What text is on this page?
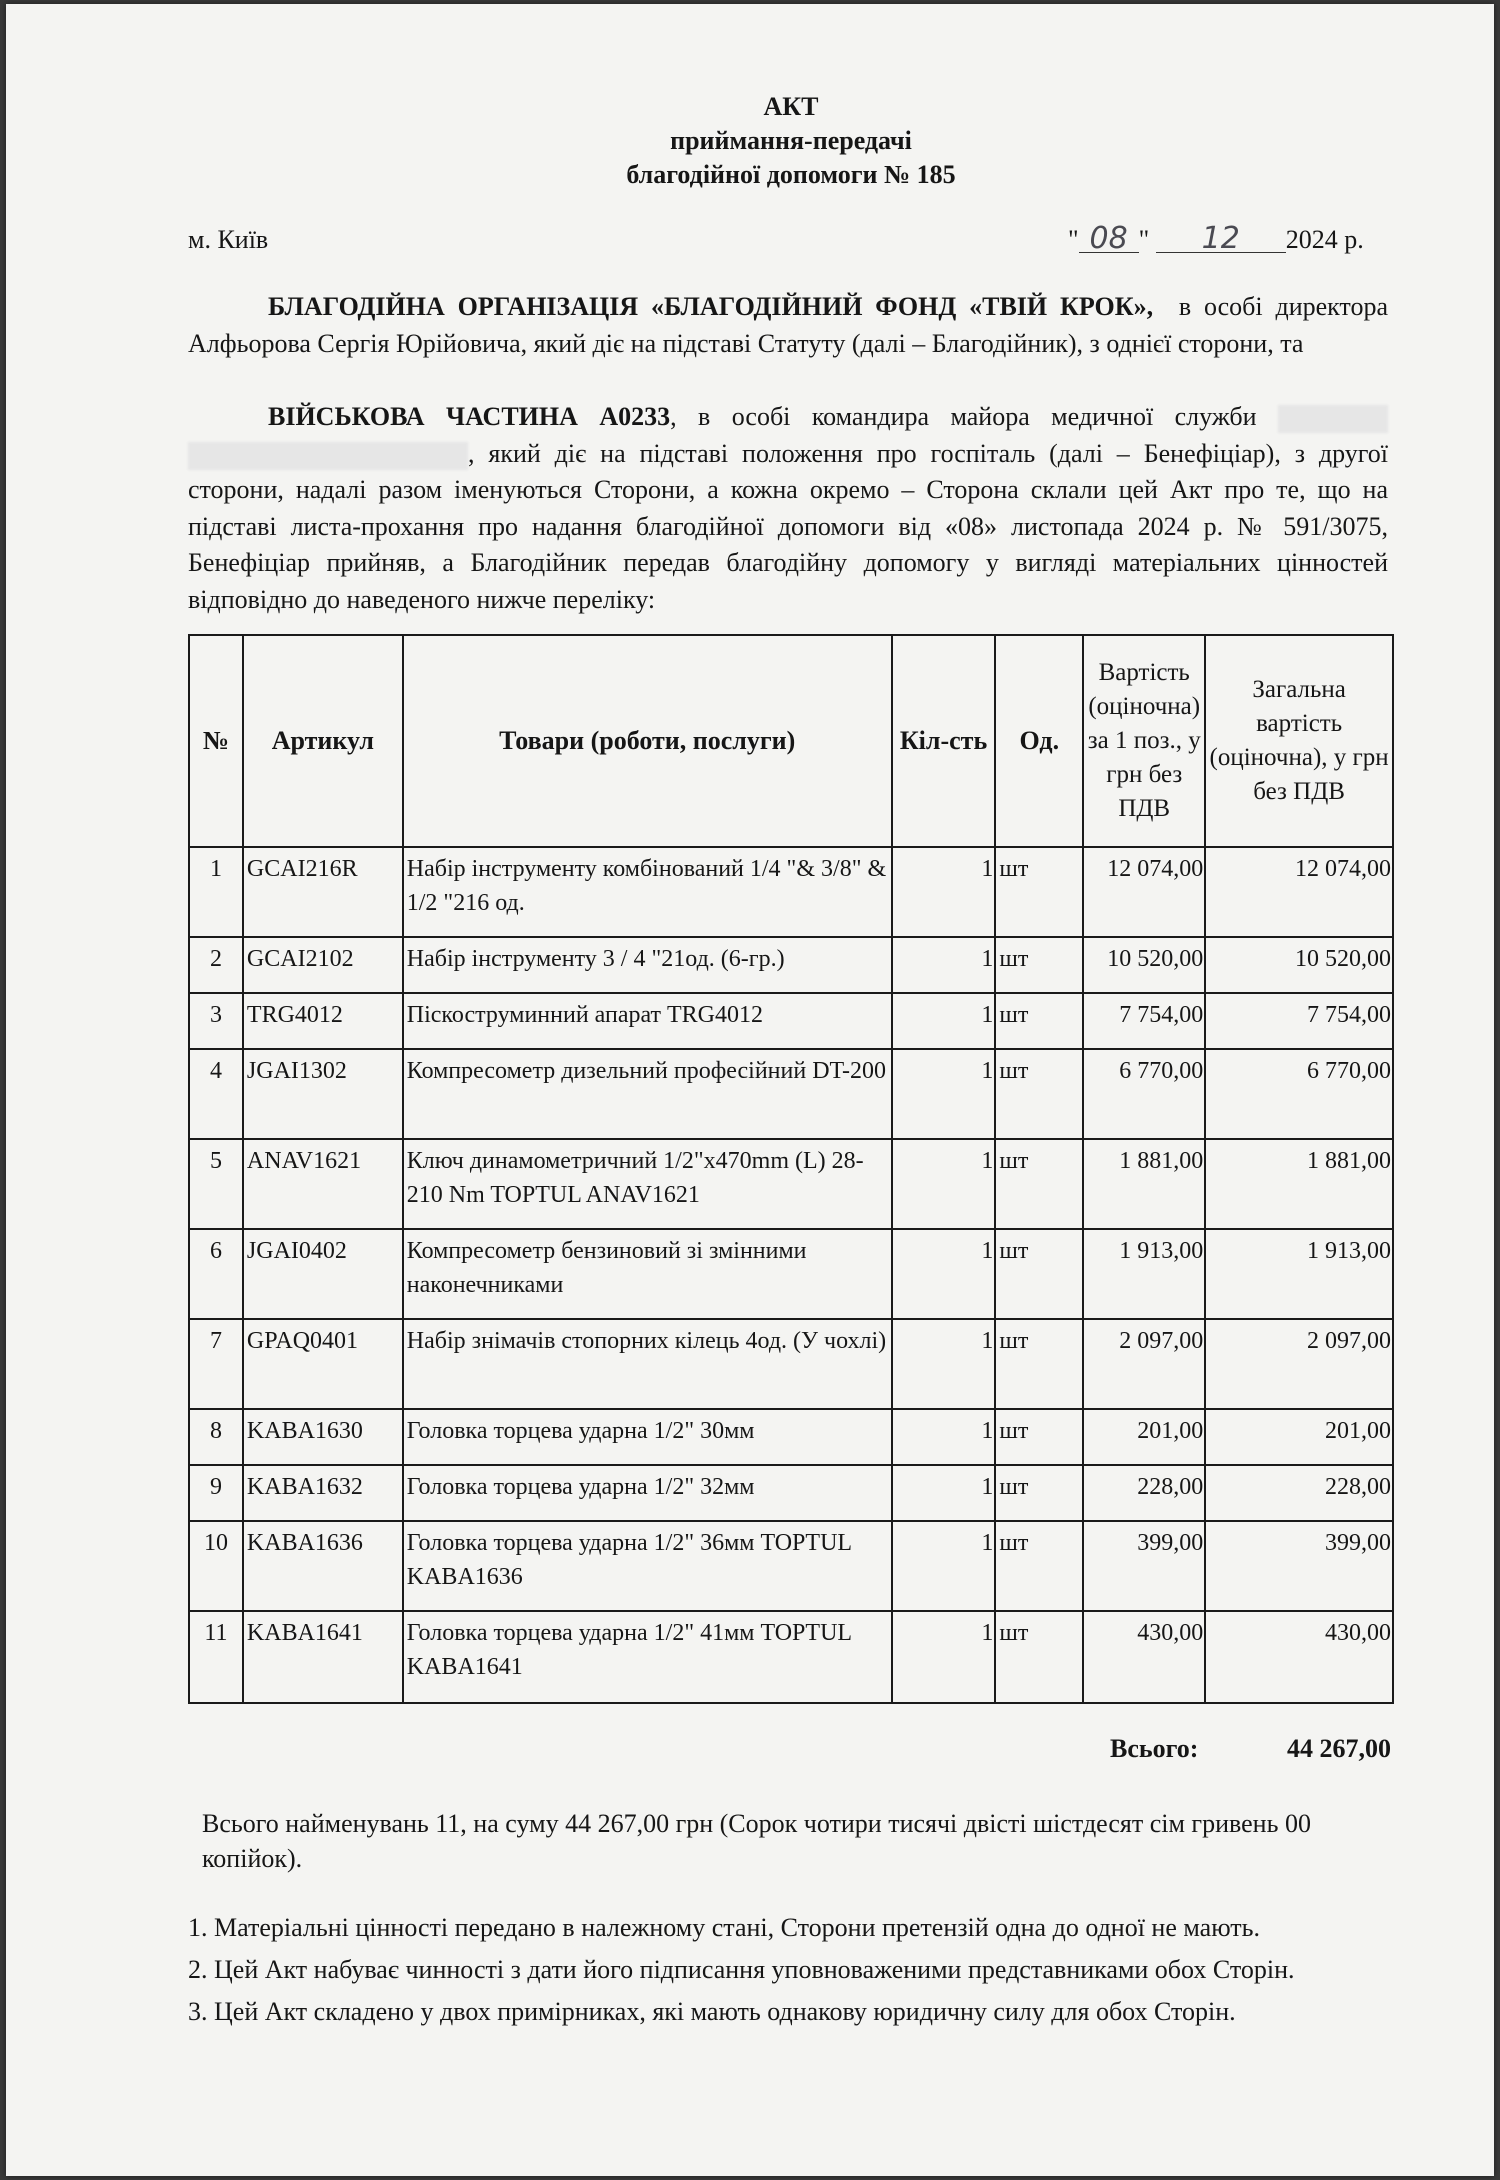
АКТ
приймання-передачі
благодійної допомоги № 185
м. Київ	" 08 " 12 2024 р.
БЛАГОДІЙНА ОРГАНІЗАЦІЯ «БЛАГОДІЙНИЙ ФОНД «ТВІЙ КРОК», в особі директора Алфьорова Сергія Юрійовича, який діє на підставі Статуту (далі – Благодійник), з однієї сторони, та
ВІЙСЬКОВА ЧАСТИНА А0233, в особі командира майора медичної служби  , який діє на підставі положення про госпіталь (далі – Бенефіціар), з другої сторони, надалі разом іменуються Сторони, а кожна окремо – Сторона склали цей Акт про те, що на підставі листа-прохання про надання благодійної допомоги від «08» листопада 2024 р. № 591/3075, Бенефіціар прийняв, а Благодійник передав благодійну допомогу у вигляді матеріальних цінностей відповідно до наведеного нижче переліку:
№	Артикул	Товари (роботи, послуги)	Кіл-сть	Од.	Вартість (оціночна) за 1 поз., у грн без ПДВ	Загальна вартість (оціночна), у грн без ПДВ
1	GCAI216R	Набір інструменту комбінований 1/4 "& 3/8" & 1/2 "216 од.	1	шт	12 074,00	12 074,00
2	GCAI2102	Набір інструменту 3 / 4 "21од. (6-гр.)	1	шт	10 520,00	10 520,00
3	TRG4012	Піскоструминний апарат TRG4012	1	шт	7 754,00	7 754,00
4	JGAI1302	Компресометр дизельний професійний DT-200	1	шт	6 770,00	6 770,00
5	ANAV1621	Ключ динамометричний 1/2"x470mm (L) 28-210 Nm TOPTUL ANAV1621	1	шт	1 881,00	1 881,00
6	JGAI0402	Компресометр бензиновий зі змінними наконечниками	1	шт	1 913,00	1 913,00
7	GPAQ0401	Набір знімачів стопорних кілець 4од. (У чохлі)	1	шт	2 097,00	2 097,00
8	KABA1630	Головка торцева ударна 1/2" 30мм	1	шт	201,00	201,00
9	KABA1632	Головка торцева ударна 1/2" 32мм	1	шт	228,00	228,00
10	KABA1636	Головка торцева ударна 1/2" 36мм TOPTUL KABA1636	1	шт	399,00	399,00
11	KABA1641	Головка торцева ударна 1/2" 41мм TOPTUL KABA1641	1	шт	430,00	430,00
Всього:	44 267,00
Всього найменувань 11, на суму 44 267,00 грн (Сорок чотири тисячі двісті шістдесят сім гривень 00 копійок).

1. Матеріальні цінності передано в належному стані, Сторони претензій одна до одної не мають.

2. Цей Акт набуває чинності з дати його підписання уповноваженими представниками обох Сторін.

3. Цей Акт складено у двох примірниках, які мають однакову юридичну силу для обох Сторін.
